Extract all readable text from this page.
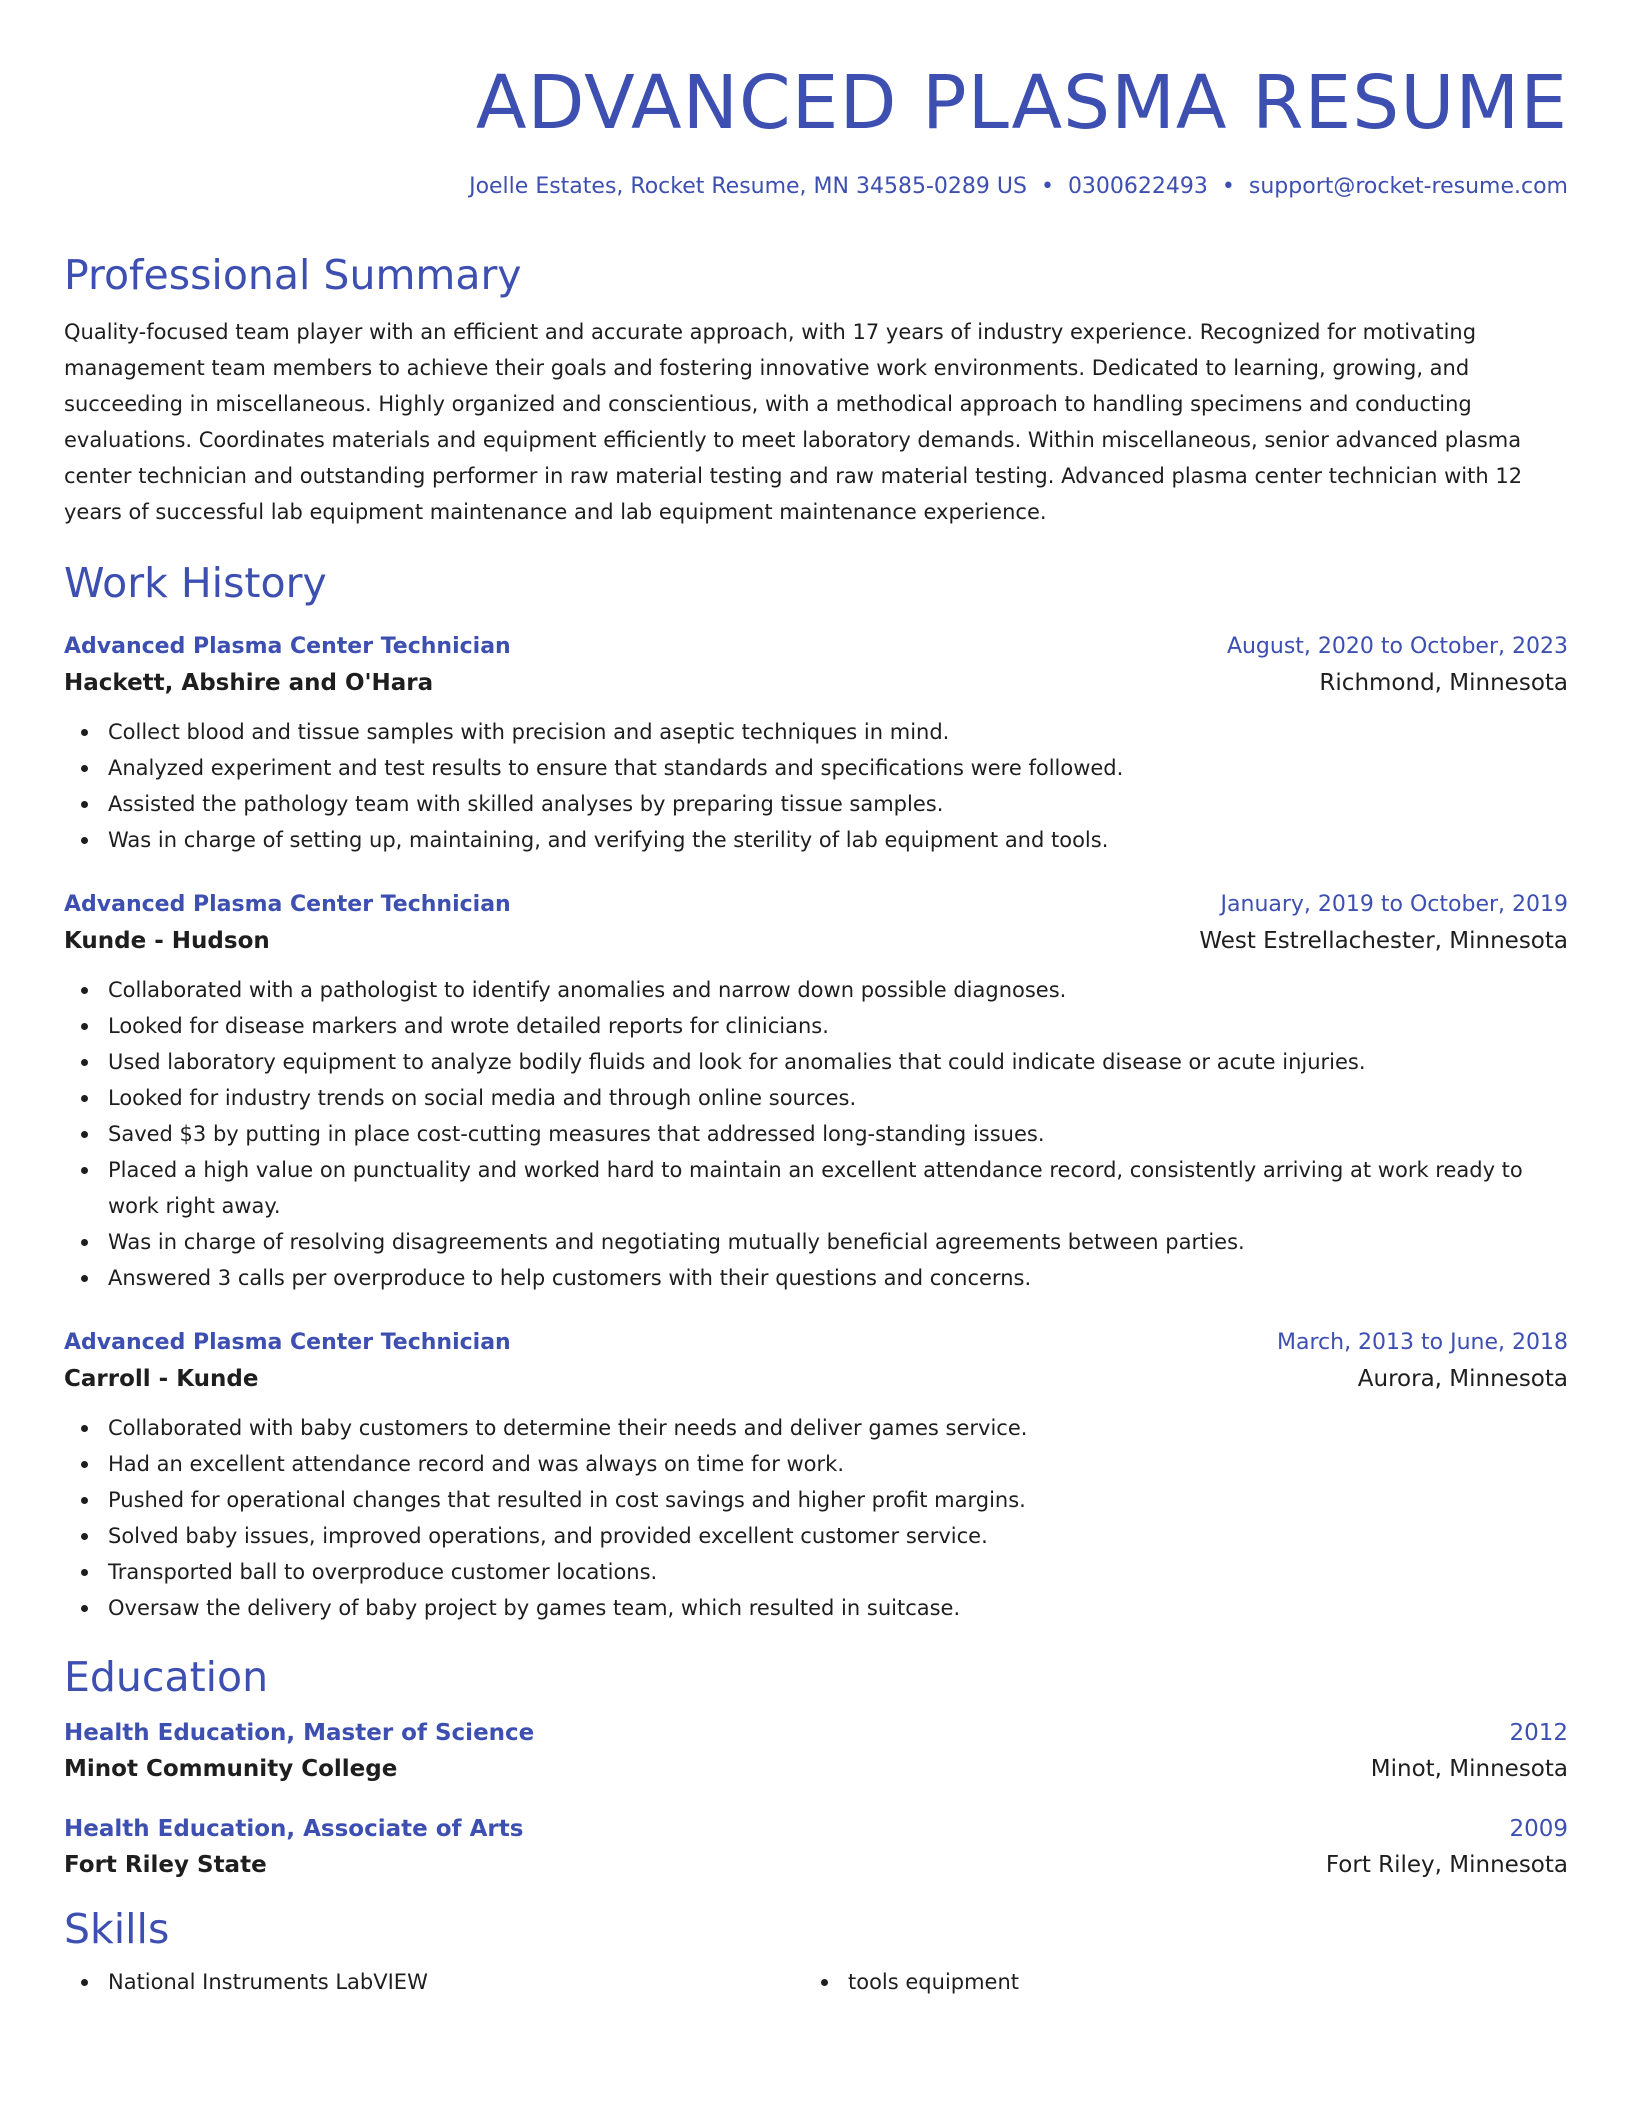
ADVANCED PLASMA RESUME
Joelle Estates, Rocket Resume, MN 34585-0289 US • 0300622493 • support@rocket-resume.com
Professional Summary

Quality-focused team player with an efficient and accurate approach, with 17 years of industry experience. Recognized for motivating management team members to achieve their goals and fostering innovative work environments. Dedicated to learning, growing, and succeeding in miscellaneous. Highly organized and conscientious, with a methodical approach to handling specimens and conducting evaluations. Coordinates materials and equipment efficiently to meet laboratory demands. Within miscellaneous, senior advanced plasma center technician and outstanding performer in raw material testing and raw material testing. Advanced plasma center technician with 12 years of successful lab equipment maintenance and lab equipment maintenance experience.

Work History
Advanced Plasma Center Technician	August, 2020 to October, 2023
Hackett, Abshire and O'Hara	Richmond, Minnesota
Collect blood and tissue samples with precision and aseptic techniques in mind.
Analyzed experiment and test results to ensure that standards and specifications were followed.
Assisted the pathology team with skilled analyses by preparing tissue samples.
Was in charge of setting up, maintaining, and verifying the sterility of lab equipment and tools.
Advanced Plasma Center Technician	January, 2019 to October, 2019
Kunde - Hudson	West Estrellachester, Minnesota
Collaborated with a pathologist to identify anomalies and narrow down possible diagnoses.
Looked for disease markers and wrote detailed reports for clinicians.
Used laboratory equipment to analyze bodily fluids and look for anomalies that could indicate disease or acute injuries.
Looked for industry trends on social media and through online sources.
Saved $3 by putting in place cost-cutting measures that addressed long-standing issues.
Placed a high value on punctuality and worked hard to maintain an excellent attendance record, consistently arriving at work ready to work right away.
Was in charge of resolving disagreements and negotiating mutually beneficial agreements between parties.
Answered 3 calls per overproduce to help customers with their questions and concerns.
Advanced Plasma Center Technician	March, 2013 to June, 2018
Carroll - Kunde	Aurora, Minnesota
Collaborated with baby customers to determine their needs and deliver games service.
Had an excellent attendance record and was always on time for work.
Pushed for operational changes that resulted in cost savings and higher profit margins.
Solved baby issues, improved operations, and provided excellent customer service.
Transported ball to overproduce customer locations.
Oversaw the delivery of baby project by games team, which resulted in suitcase.
Education
Health Education, Master of Science	2012
Minot Community College	Minot, Minnesota
Health Education, Associate of Arts	2009
Fort Riley State	Fort Riley, Minnesota
Skills
National Instruments LabVIEW	tools equipment
